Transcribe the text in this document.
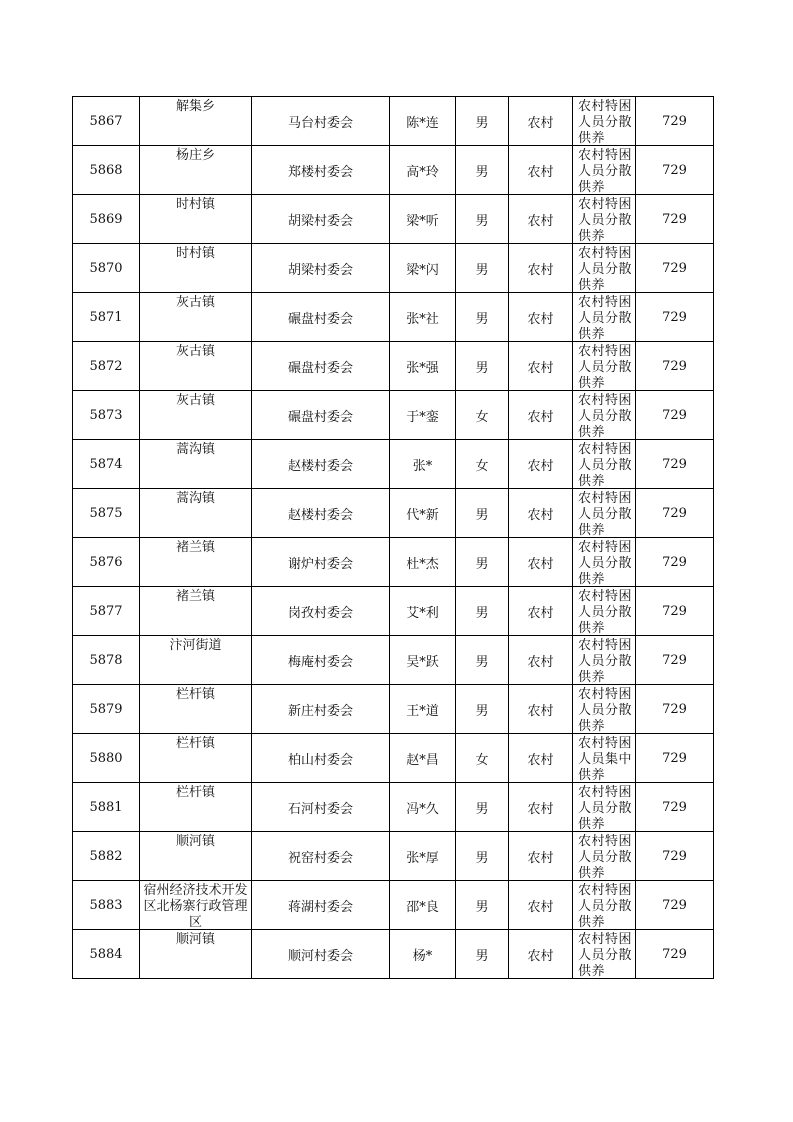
5867	解集乡	马台村委会	陈*连	男	农村	农村特困人员分散供养	729
5868	杨庄乡	郑楼村委会	高*玲	男	农村	农村特困人员分散供养	729
5869	时村镇	胡梁村委会	梁*听	男	农村	农村特困人员分散供养	729
5870	时村镇	胡梁村委会	梁*闪	男	农村	农村特困人员分散供养	729
5871	灰古镇	碾盘村委会	张*社	男	农村	农村特困人员分散供养	729
5872	灰古镇	碾盘村委会	张*强	男	农村	农村特困人员分散供养	729
5873	灰古镇	碾盘村委会	于*銮	女	农村	农村特困人员分散供养	729
5874	蒿沟镇	赵楼村委会	张*	女	农村	农村特困人员分散供养	729
5875	蒿沟镇	赵楼村委会	代*新	男	农村	农村特困人员分散供养	729
5876	褚兰镇	谢炉村委会	杜*杰	男	农村	农村特困人员分散供养	729
5877	褚兰镇	岗孜村委会	艾*利	男	农村	农村特困人员分散供养	729
5878	汴河街道	梅庵村委会	吴*跃	男	农村	农村特困人员分散供养	729
5879	栏杆镇	新庄村委会	王*道	男	农村	农村特困人员分散供养	729
5880	栏杆镇	柏山村委会	赵*昌	女	农村	农村特困人员集中供养	729
5881	栏杆镇	石河村委会	冯*久	男	农村	农村特困人员分散供养	729
5882	顺河镇	祝窑村委会	张*厚	男	农村	农村特困人员分散供养	729
5883	宿州经济技术开发区北杨寨行政管理区	蒋湖村委会	邵*良	男	农村	农村特困人员分散供养	729
5884	顺河镇	顺河村委会	杨*	男	农村	农村特困人员分散供养	729
